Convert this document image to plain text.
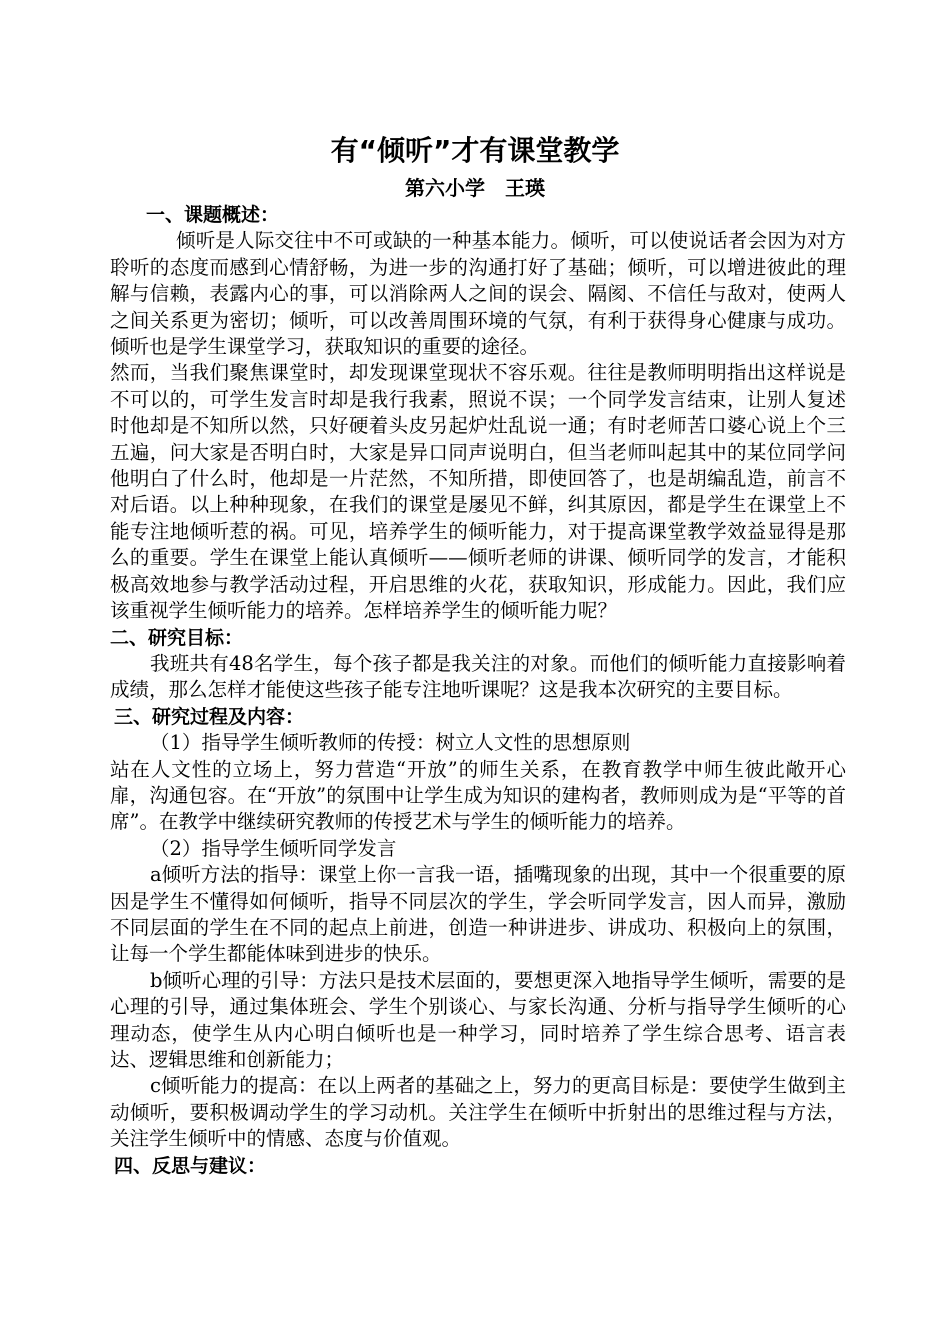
有“倾听”才有课堂教学
第六小学　王瑛
一、课题概述：

倾听是人际交往中不可或缺的一种基本能力。倾听，可以使说话者会因为对方聆听的态度而感到心情舒畅，为进一步的沟通打好了基础；倾听，可以增进彼此的理解与信赖，表露内心的事，可以消除两人之间的误会、隔阂、不信任与敌对，使两人之间关系更为密切；倾听，可以改善周围环境的气氛，有利于获得身心健康与成功。倾听也是学生课堂学习，获取知识的重要的途径。

然而，当我们聚焦课堂时，却发现课堂现状不容乐观。往往是教师明明指出这样说是不可以的，可学生发言时却是我行我素，照说不误；一个同学发言结束，让别人复述时他却是不知所以然，只好硬着头皮另起炉灶乱说一通；有时老师苦口婆心说上个三五遍，问大家是否明白时，大家是异口同声说明白，但当老师叫起其中的某位同学问他明白了什么时，他却是一片茫然，不知所措，即使回答了，也是胡编乱造，前言不对后语。以上种种现象，在我们的课堂是屡见不鲜，纠其原因，都是学生在课堂上不能专注地倾听惹的祸。可见，培养学生的倾听能力，对于提高课堂教学效益显得是那么的重要。学生在课堂上能认真倾听——倾听老师的讲课、倾听同学的发言，才能积极高效地参与教学活动过程，开启思维的火花，获取知识，形成能力。因此，我们应该重视学生倾听能力的培养。怎样培养学生的倾听能力呢？

二、研究目标：

我班共有48名学生，每个孩子都是我关注的对象。而他们的倾听能力直接影响着成绩，那么怎样才能使这些孩子能专注地听课呢？这是我本次研究的主要目标。

三、研究过程及内容：

（1）指导学生倾听教师的传授：树立人文性的思想原则

站在人文性的立场上，努力营造“开放”的师生关系，在教育教学中师生彼此敞开心扉，沟通包容。在“开放”的氛围中让学生成为知识的建构者，教师则成为是“平等的首席”。在教学中继续研究教师的传授艺术与学生的倾听能力的培养。

（2）指导学生倾听同学发言

a倾听方法的指导：课堂上你一言我一语，插嘴现象的出现，其中一个很重要的原因是学生不懂得如何倾听，指导不同层次的学生，学会听同学发言，因人而异，激励不同层面的学生在不同的起点上前进，创造一种讲进步、讲成功、积极向上的氛围，让每一个学生都能体味到进步的快乐。

b倾听心理的引导：方法只是技术层面的，要想更深入地指导学生倾听，需要的是心理的引导，通过集体班会、学生个别谈心、与家长沟通、分析与指导学生倾听的心理动态，使学生从内心明白倾听也是一种学习，同时培养了学生综合思考、语言表达、逻辑思维和创新能力；

c倾听能力的提高：在以上两者的基础之上，努力的更高目标是：要使学生做到主动倾听，要积极调动学生的学习动机。关注学生在倾听中折射出的思维过程与方法，关注学生倾听中的情感、态度与价值观。

四、反思与建议：
